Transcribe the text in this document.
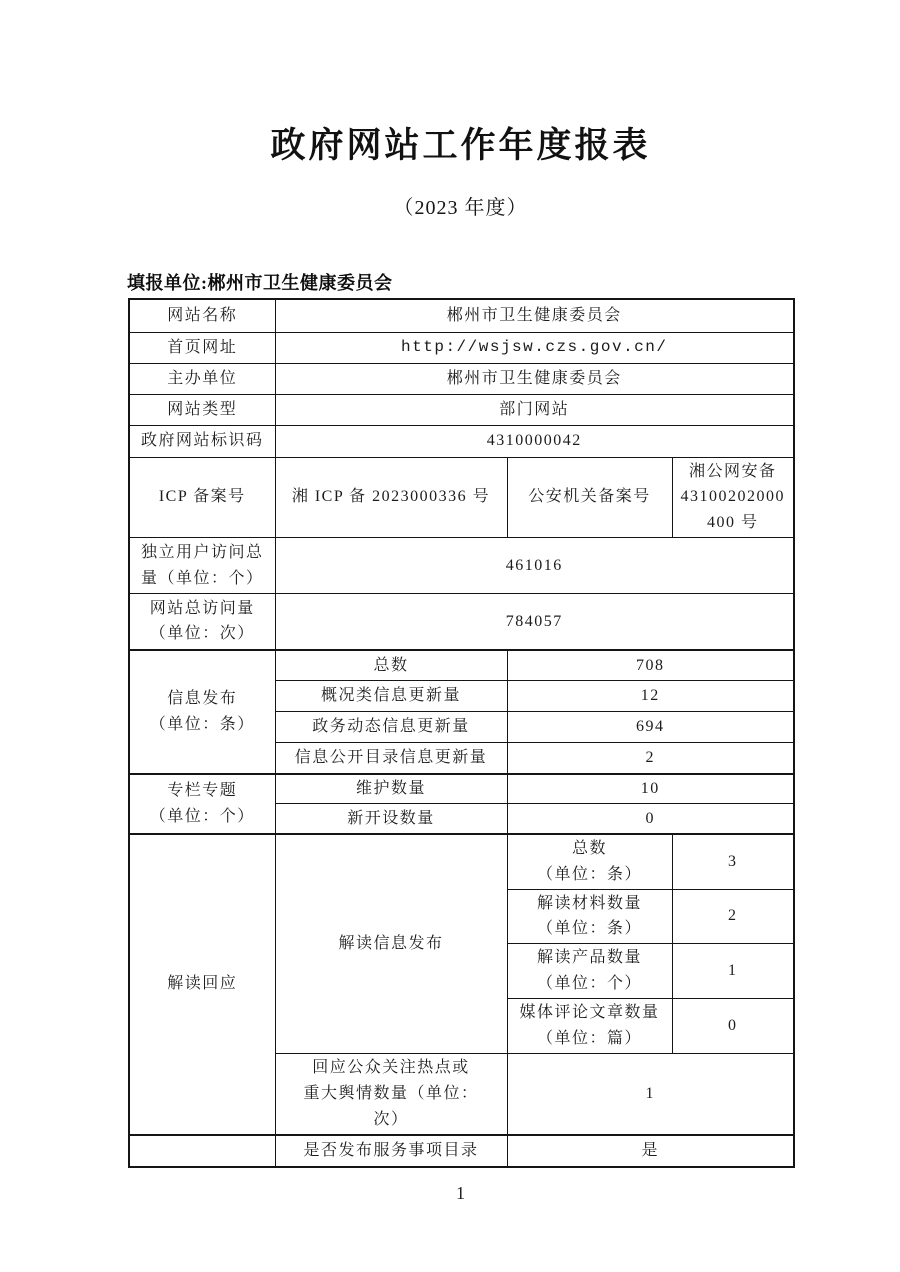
政府网站工作年度报表
（2023 年度）
填报单位:郴州市卫生健康委员会
网站名称	郴州市卫生健康委员会		
首页网址	http://wsjsw.czs.gov.cn/		
主办单位	郴州市卫生健康委员会		
网站类型	部门网站		
政府网站标识码	4310000042		
ICP 备案号	湘 ICP 备 2023000336 号	公安机关备案号	湘公网安备
43100202000
400 号
独立用户访问总
量（单位：个）	461016		
网站总访问量
（单位：次）	784057		
信息发布
（单位：条）	总数	708	
	概况类信息更新量	12	
	政务动态信息更新量	694	
	信息公开目录信息更新量	2	
专栏专题
（单位：个）	维护数量	10	
	新开设数量	0	
解读回应	解读信息发布	总数
（单位：条）	3
		解读材料数量
（单位：条）	2
		解读产品数量
（单位：个）	1
		媒体评论文章数量
（单位：篇）	0
	回应公众关注热点或
重大舆情数量（单位：
次）	1	
	是否发布服务事项目录	是	
1
